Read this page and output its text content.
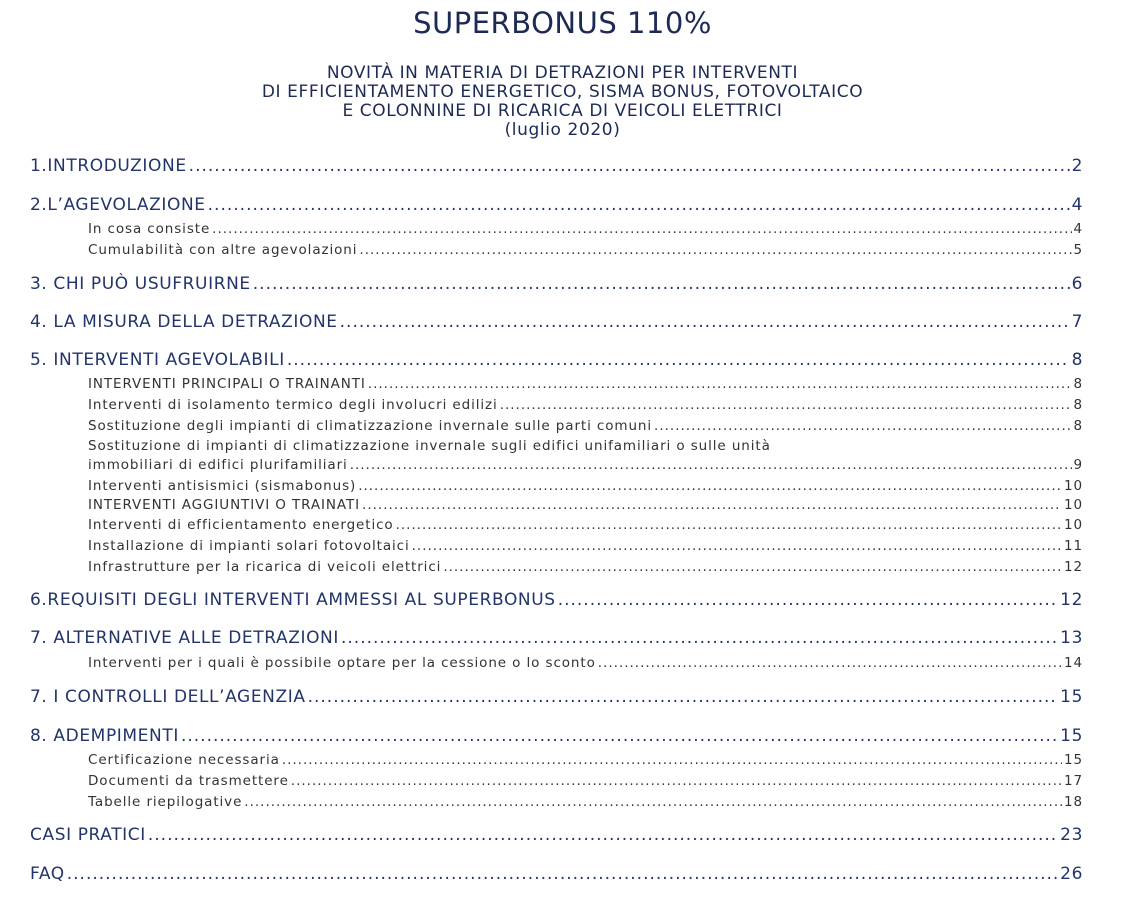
SUPERBONUS 110%
NOVITÀ IN MATERIA DI DETRAZIONI PER INTERVENTI
DI EFFICIENTAMENTO ENERGETICO, SISMA BONUS, FOTOVOLTAICO
E COLONNINE DI RICARICA DI VEICOLI ELETTRICI
(luglio 2020)
1.INTRODUZIONE .....	2
2.L’AGEVOLAZIONE .....	4
In cosa consiste .....	4
Cumulabilità con altre agevolazioni .....	5
3. CHI PUÒ USUFRUIRNE .....	6
4. LA MISURA DELLA DETRAZIONE .....	7
5. INTERVENTI AGEVOLABILI .....	8
INTERVENTI PRINCIPALI O TRAINANTI .....	8
Interventi di isolamento termico degli involucri edilizi .....	8
Sostituzione degli impianti di climatizzazione invernale sulle parti comuni .....	8
Sostituzione di impianti di climatizzazione invernale sugli edifici unifamiliari o sulle unità
immobiliari di edifici plurifamiliari .....	9
Interventi antisismici (sismabonus) .....	10
INTERVENTI AGGIUNTIVI O TRAINATI .....	10
Interventi di efficientamento energetico .....	10
Installazione di impianti solari fotovoltaici .....	11
Infrastrutture per la ricarica di veicoli elettrici .....	12
6.REQUISITI DEGLI INTERVENTI AMMESSI AL SUPERBONUS .....	12
7. ALTERNATIVE ALLE DETRAZIONI .....	13
Interventi per i quali è possibile optare per la cessione o lo sconto .....	14
7. I CONTROLLI DELL’AGENZIA .....	15
8. ADEMPIMENTI .....	15
Certificazione necessaria .....	15
Documenti da trasmettere .....	17
Tabelle riepilogative .....	18
CASI PRATICI .....	23
FAQ .....	26
